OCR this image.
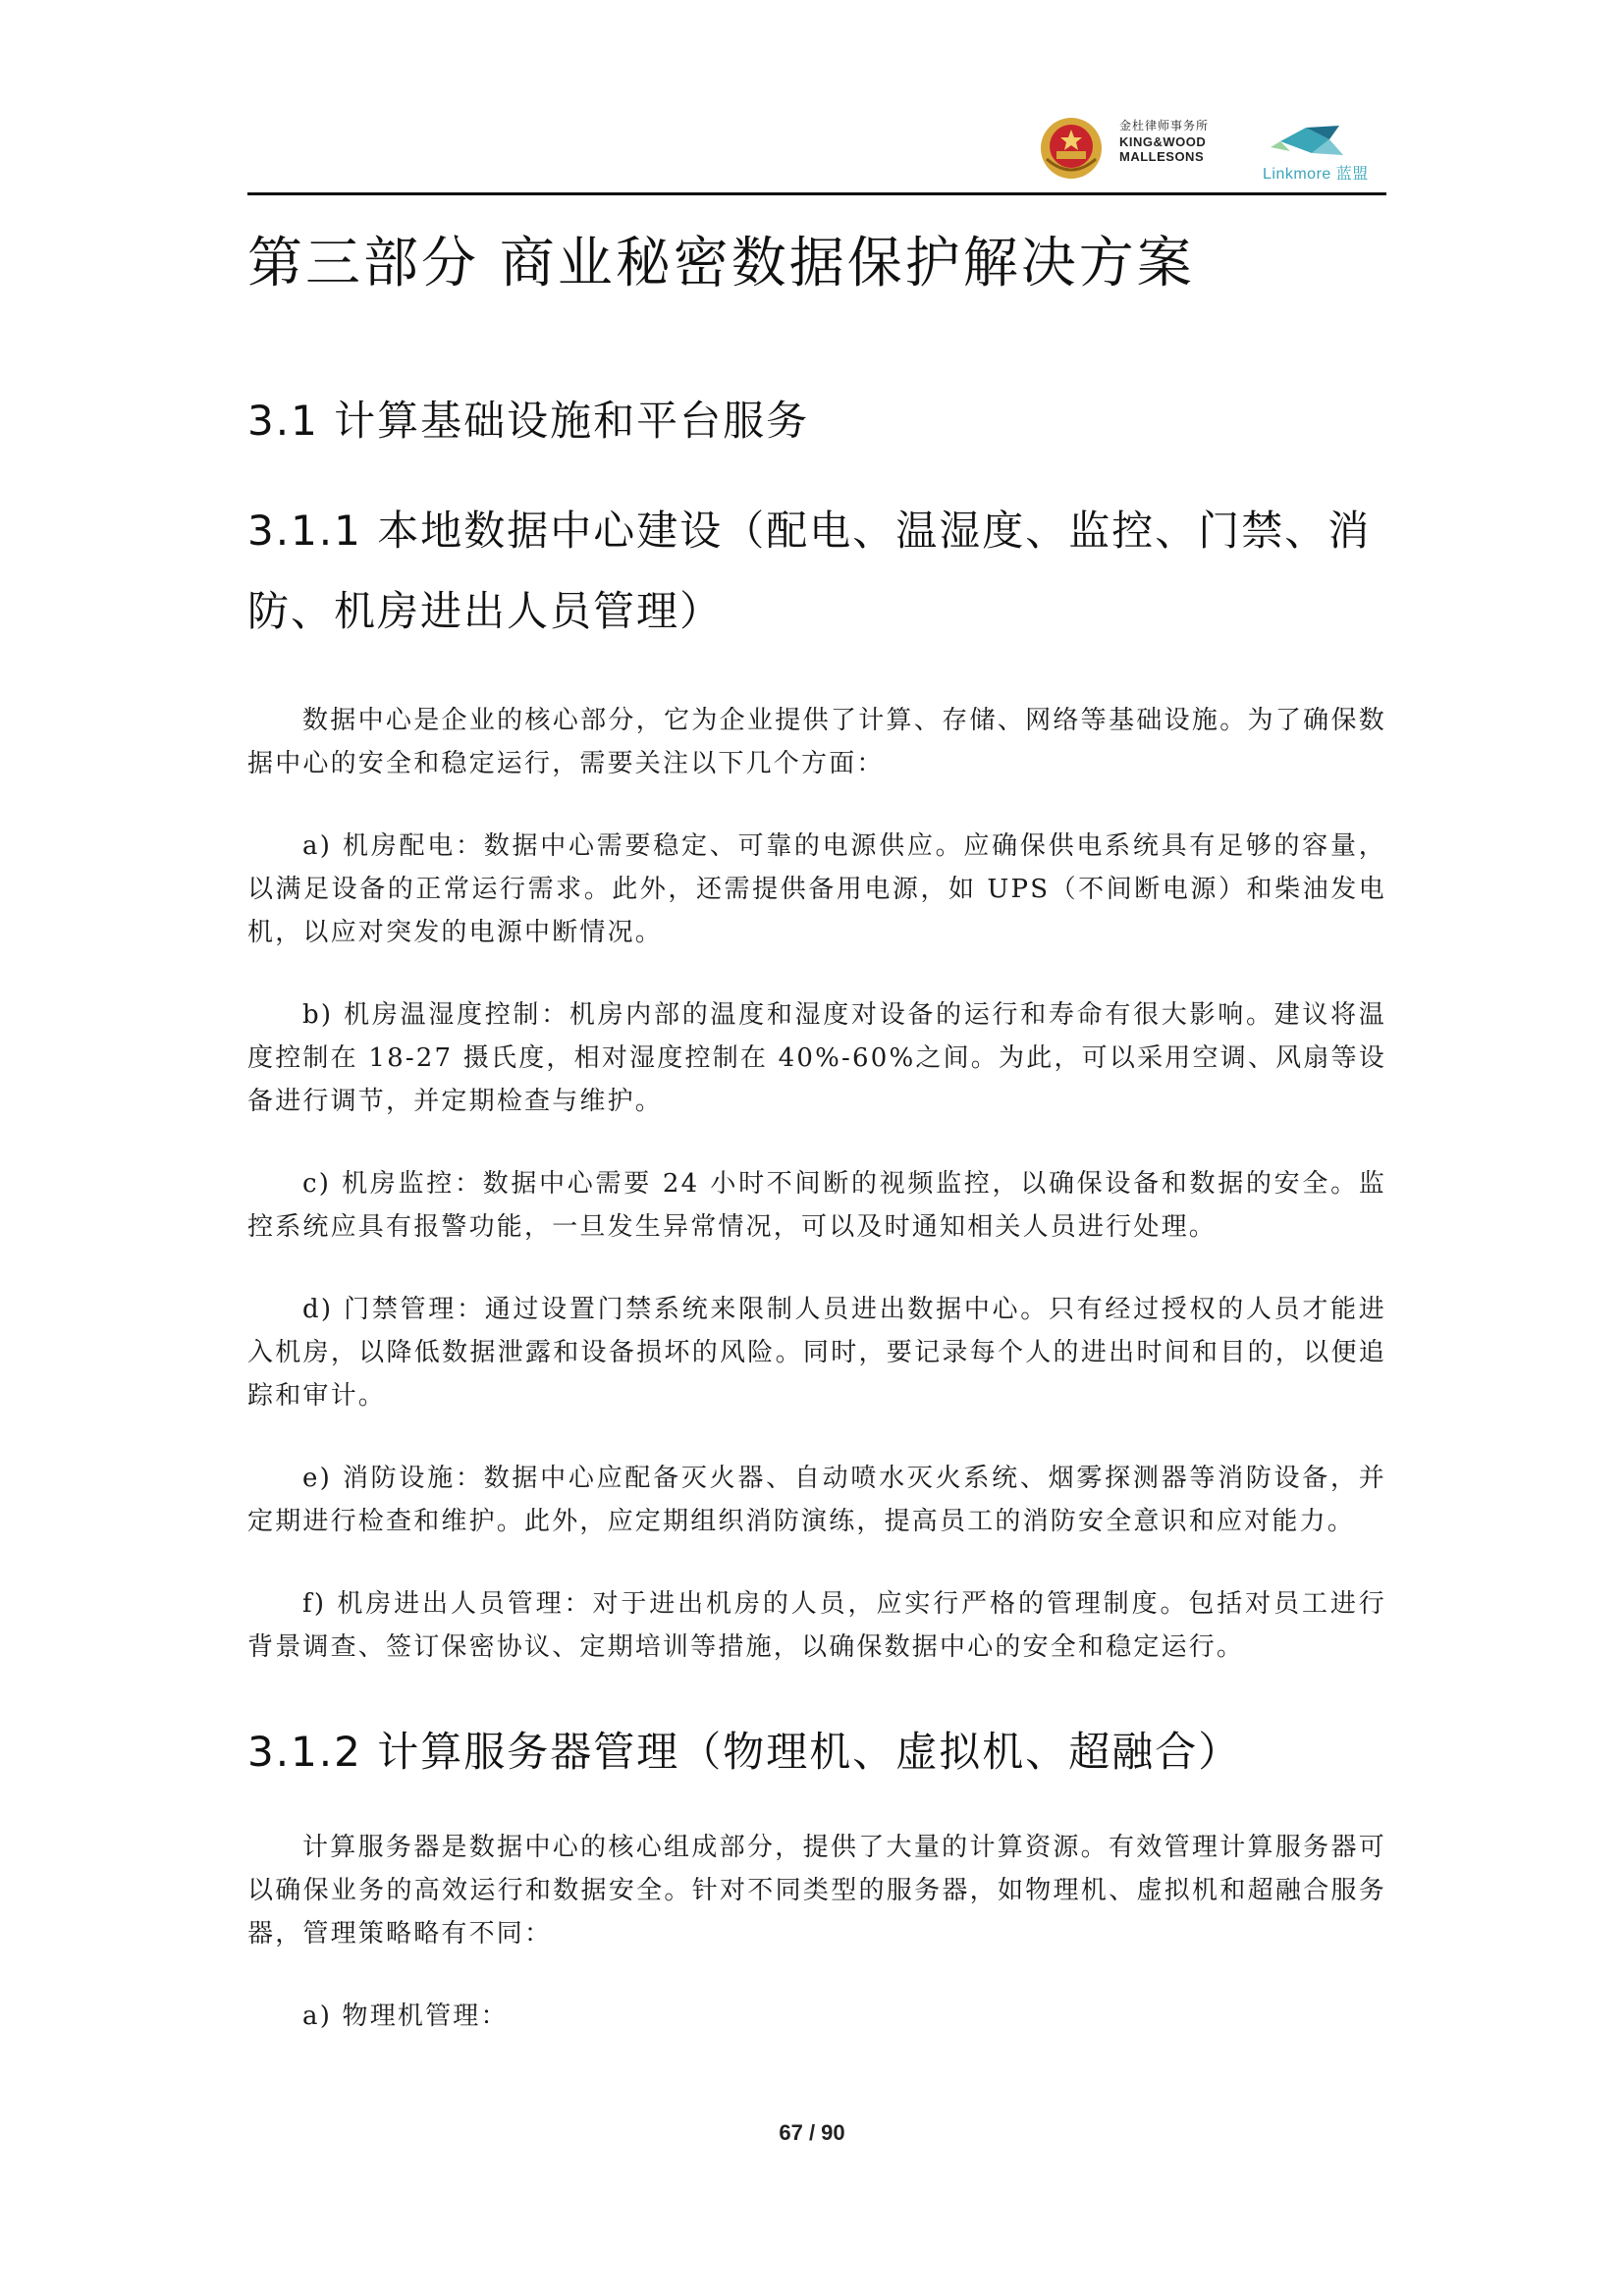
金杜律师事务所
KING&WOOD
MALLESONS
Linkmore 蓝盟
第三部分 商业秘密数据保护解决方案
3.1 计算基础设施和平台服务
3.1.1 本地数据中心建设（配电、温湿度、监控、门禁、消防、机房进出人员管理）
数据中心是企业的核心部分，它为企业提供了计算、存储、网络等基础设施。为了确保数据中心的安全和稳定运行，需要关注以下几个方面：
a) 机房配电：数据中心需要稳定、可靠的电源供应。应确保供电系统具有足够的容量，以满足设备的正常运行需求。此外，还需提供备用电源，如 UPS（不间断电源）和柴油发电机，以应对突发的电源中断情况。
b) 机房温湿度控制：机房内部的温度和湿度对设备的运行和寿命有很大影响。建议将温度控制在 18-27 摄氏度，相对湿度控制在 40%-60%之间。为此，可以采用空调、风扇等设备进行调节，并定期检查与维护。
c) 机房监控：数据中心需要 24 小时不间断的视频监控，以确保设备和数据的安全。监控系统应具有报警功能，一旦发生异常情况，可以及时通知相关人员进行处理。
d) 门禁管理：通过设置门禁系统来限制人员进出数据中心。只有经过授权的人员才能进入机房，以降低数据泄露和设备损坏的风险。同时，要记录每个人的进出时间和目的，以便追踪和审计。
e) 消防设施：数据中心应配备灭火器、自动喷水灭火系统、烟雾探测器等消防设备，并定期进行检查和维护。此外，应定期组织消防演练，提高员工的消防安全意识和应对能力。
f) 机房进出人员管理：对于进出机房的人员，应实行严格的管理制度。包括对员工进行背景调查、签订保密协议、定期培训等措施，以确保数据中心的安全和稳定运行。
3.1.2 计算服务器管理（物理机、虚拟机、超融合）
计算服务器是数据中心的核心组成部分，提供了大量的计算资源。有效管理计算服务器可以确保业务的高效运行和数据安全。针对不同类型的服务器，如物理机、虚拟机和超融合服务器，管理策略略有不同：
a) 物理机管理：
67 / 90
